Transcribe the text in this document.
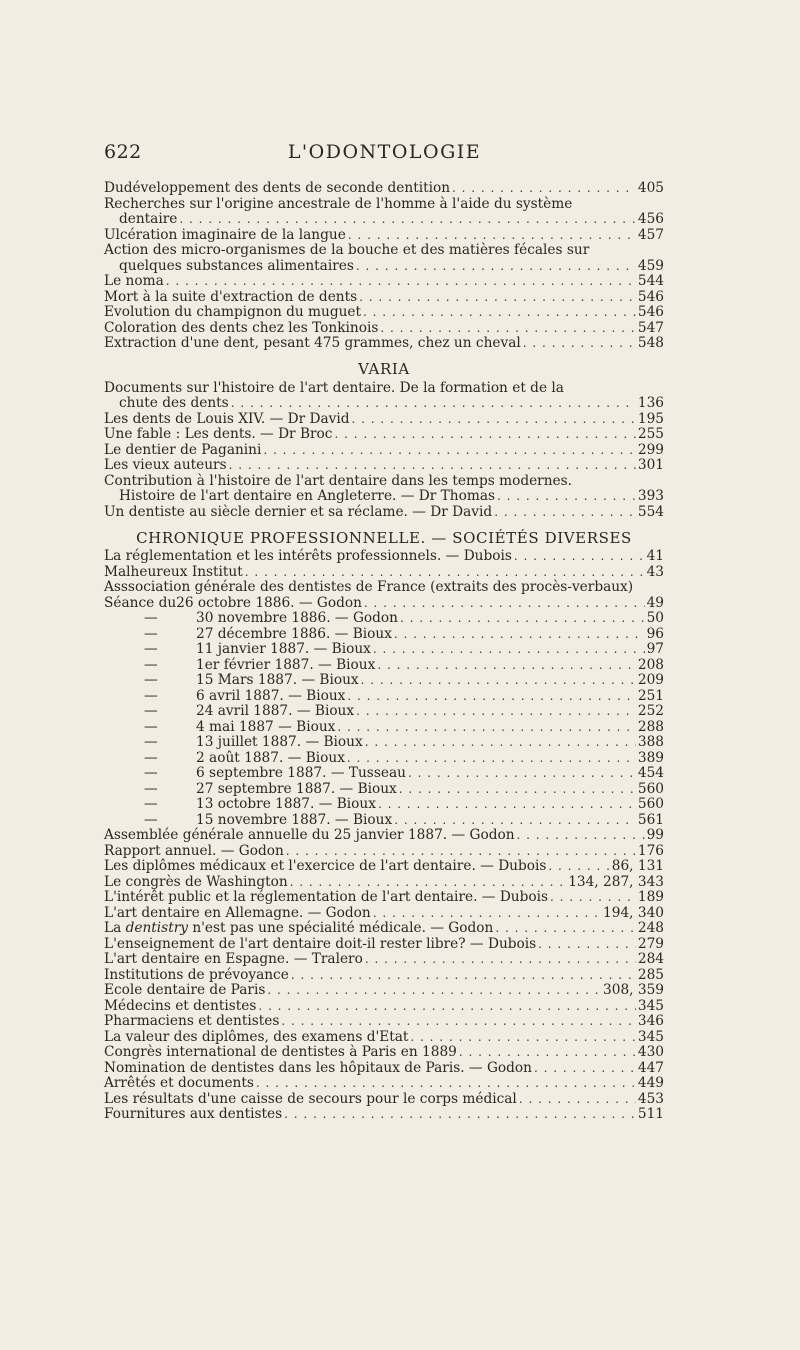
622	L'ODONTOLOGIE
Dudéveloppement des dents de seconde dentition . . .	405
Recherches sur l'origine ancestrale de l'homme à l'aide du système
dentaire . . .	456
Ulcération imaginaire de la langue . . .	457
Action des micro-organismes de la bouche et des matières fécales sur
quelques substances alimentaires . . .	459
Le noma . . .	544
Mort à la suite d'extraction de dents . . .	546
Evolution du champignon du muguet . . .	546
Coloration des dents chez les Tonkinois . . .	547
Extraction d'une dent, pesant 475 grammes, chez un cheval . . .	548
VARIA
Documents sur l'histoire de l'art dentaire. De la formation et de la
chute des dents . . .	136
Les dents de Louis XIV. — Dr David . . .	195
Une fable : Les dents. — Dr Broc . . .	255
Le dentier de Paganini . . .	299
Les vieux auteurs . . .	301
Contribution à l'histoire de l'art dentaire dans les temps modernes.
Histoire de l'art dentaire en Angleterre. — Dr Thomas . . .	393
Un dentiste au siècle dernier et sa réclame. — Dr David . . .	554
CHRONIQUE PROFESSIONNELLE. — SOCIÉTÉS DIVERSES
La réglementation et les intérêts professionnels. — Dubois . . .	41
Malheureux Institut . . .	43
Asssociation générale des dentistes de France (extraits des procès-verbaux)
Séance du26 octobre 1886. — Godon . . .	49
—	30 novembre 1886. — Godon . . .	50
—	27 décembre 1886. — Bioux . . .	96
—	11 janvier 1887. — Bioux . . .	97
—	1er février 1887. — Bioux . . .	208
—	15 Mars 1887. — Bioux . . .	209
—	6 avril 1887. — Bioux . . .	251
—	24 avril 1887. — Bioux . . .	252
—	4 mai 1887 — Bioux . . .	288
—	13 juillet 1887. — Bioux . . .	388
—	2 août 1887. — Bioux . . .	389
—	6 septembre 1887. — Tusseau . . .	454
—	27 septembre 1887. — Bioux . . .	560
—	13 octobre 1887. — Bioux . . .	560
—	15 novembre 1887. — Bioux . . .	561
Assemblée générale annuelle du 25 janvier 1887. — Godon . . .	99
Rapport annuel. — Godon . . .	176
Les diplômes médicaux et l'exercice de l'art dentaire. — Dubois . . .	86, 131
Le congrès de Washington . . .	134, 287, 343
L'intérêt public et la réglementation de l'art dentaire. — Dubois . . .	189
L'art dentaire en Allemagne. — Godon . . .	194, 340
La dentistry n'est pas une spécialité médicale. — Godon . . .	248
L'enseignement de l'art dentaire doit-il rester libre? — Dubois . . .	279
L'art dentaire en Espagne. — Tralero . . .	284
Institutions de prévoyance . . .	285
Ecole dentaire de Paris . . .	308, 359
Médecins et dentistes . . .	345
Pharmaciens et dentistes . . .	346
La valeur des diplômes, des examens d'Etat . . .	345
Congrès international de dentistes à Paris en 1889 . . .	430
Nomination de dentistes dans les hôpitaux de Paris. — Godon . . .	447
Arrêtés et documents . . .	449
Les résultats d'une caisse de secours pour le corps médical . . .	453
Fournitures aux dentistes . . .	511
